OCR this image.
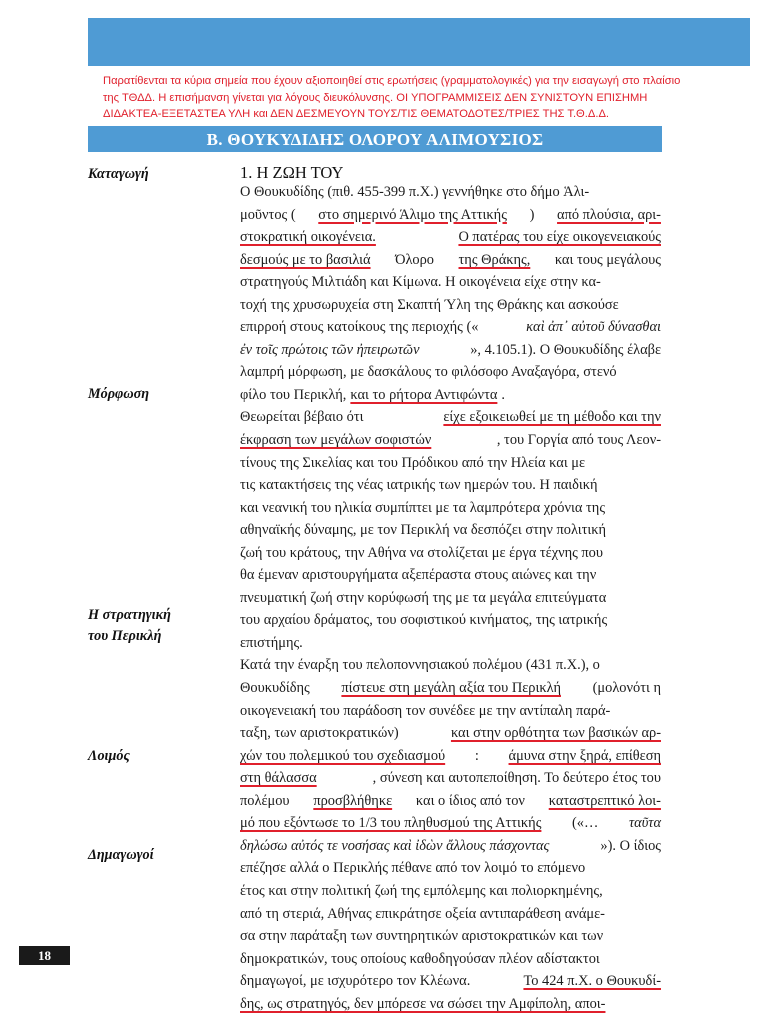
Παρατίθενται τα κύρια σημεία που έχουν αξιοποιηθεί στις ερωτήσεις (γραμματολογικές) για την εισαγωγή στο πλαίσιο
της ΤΘΔΔ. Η επισήμανση γίνεται για λόγους διευκόλυνσης. ΟΙ ΥΠΟΓΡΑΜΜΙΣΕΙΣ ΔΕΝ ΣΥΝΙΣΤΟΥΝ ΕΠΙΣΗΜΗ
ΔΙΔΑΚΤΕΑ-ΕΞΕΤΑΣΤΕΑ ΥΛΗ και ΔΕΝ ΔΕΣΜΕΥΟΥΝ ΤΟΥΣ/ΤΙΣ ΘΕΜΑΤΟΔΟΤΕΣ/ΤΡΙΕΣ ΤΗΣ Τ.Θ.Δ.Δ.
Β. ΘΟΥΚΥΔΙΔΗΣ ΟΛΟΡΟΥ ΑΛΙΜΟΥΣΙΟΣ
Καταγωγή
Μόρφωση
Η στρατηγική
του Περικλή
Λοιμός
Δημαγωγοί
1. Η ΖΩΗ ΤΟΥ
Ο Θουκυδίδης (πιθ. 455-399 π.Χ.) γεννήθηκε στο δήμο Ἁλι-
μοῦντος ( στο σημερινό Άλιμο της Αττικής ) από πλούσια, αρι-
στοκρατική οικογένεια.	Ο πατέρας του είχε οικογενειακούς
δεσμούς με το βασιλιά Όλορο της Θράκης, και τους μεγάλους
στρατηγούς Μιλτιάδη και Κίμωνα. Η οικογένεια είχε στην κα-
τοχή της χρυσωρυχεία στη Σκαπτή Ύλη της Θράκης και ασκούσε
επιρροή στους κατοίκους της περιοχής («	καὶ ἀπ᾽ αὐτοῦ δύνασθαι
ἐν τοῖς πρώτοις τῶν ἠπειρωτῶν	», 4.105.1). Ο Θουκυδίδης έλαβε
λαμπρή μόρφωση, με δασκάλους το φιλόσοφο Αναξαγόρα, στενό
φίλο του Περικλή, και το ρήτορα Αντιφώντα .
Θεωρείται βέβαιο ότι	είχε εξοικειωθεί με τη μέθοδο και την
έκφραση των μεγάλων σοφιστών	, του Γοργία από τους Λεον-
τίνους της Σικελίας και του Πρόδικου από την Ηλεία και με
τις κατακτήσεις της νέας ιατρικής των ημερών του. Η παιδική
και νεανική του ηλικία συμπίπτει με τα λαμπρότερα χρόνια της
αθηναϊκής δύναμης, με τον Περικλή να δεσπόζει στην πολιτική
ζωή του κράτους, την Αθήνα να στολίζεται με έργα τέχνης που
θα έμεναν αριστουργήματα αξεπέραστα στους αιώνες και την
πνευματική ζωή στην κορύφωσή της με τα μεγάλα επιτεύγματα
του αρχαίου δράματος, του σοφιστικού κινήματος, της ιατρικής
επιστήμης.
Κατά την έναρξη του πελοποννησιακού πολέμου (431 π.Χ.), ο
Θουκυδίδης πίστευε στη μεγάλη αξία του Περικλή (μολονότι η
οικογενειακή του παράδοση τον συνέδεε με την αντίπαλη παρά-
ταξη, των αριστοκρατικών)	και στην ορθότητα των βασικών αρ-
χών του πολεμικού του σχεδιασμού : άμυνα στην ξηρά, επίθεση
στη θάλασσα	, σύνεση και αυτοπεποίθηση. Το δεύτερο έτος του
πολέμου προσβλήθηκε και ο ίδιος από τον καταστρεπτικό λοι-
μό που εξόντωσε το 1/3 του πληθυσμού της Αττικής («… ταῦτα
δηλώσω αὐτός τε νοσήσας καὶ ἰδὼν ἄλλους πάσχοντας	»). Ο ίδιος
επέζησε αλλά ο Περικλής πέθανε από τον λοιμό το επόμενο
έτος και στην πολιτική ζωή της εμπόλεμης και πολιορκημένης,
από τη στεριά, Αθήνας επικράτησε οξεία αντιπαράθεση ανάμε-
σα στην παράταξη των συντηρητικών αριστοκρατικών και των
δημοκρατικών, τους οποίους καθοδηγούσαν πλέον αδίστακτοι
δημαγωγοί, με ισχυρότερο τον Κλέωνα.	Το 424 π.Χ. ο Θουκυδί-
δης, ως στρατηγός, δεν μπόρεσε να σώσει την Αμφίπολη, αποι-
18
